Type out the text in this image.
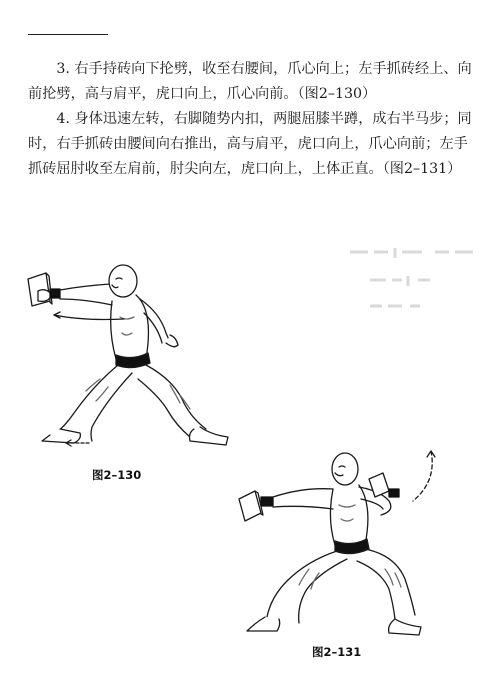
3. 右手持砖向下抡劈，收至右腰间，爪心向上；左手抓砖经上、向前抡劈，高与肩平，虎口向上，爪心向前。（图2–130）

4. 身体迅速左转，右脚随势内扣，两腿屈膝半蹲，成右半马步；同时，右手抓砖由腰间向右推出，高与肩平，虎口向上，爪心向前；左手抓砖屈肘收至左肩前，肘尖向左，虎口向上，上体正直。（图2–131）

图2–130
图2–131
